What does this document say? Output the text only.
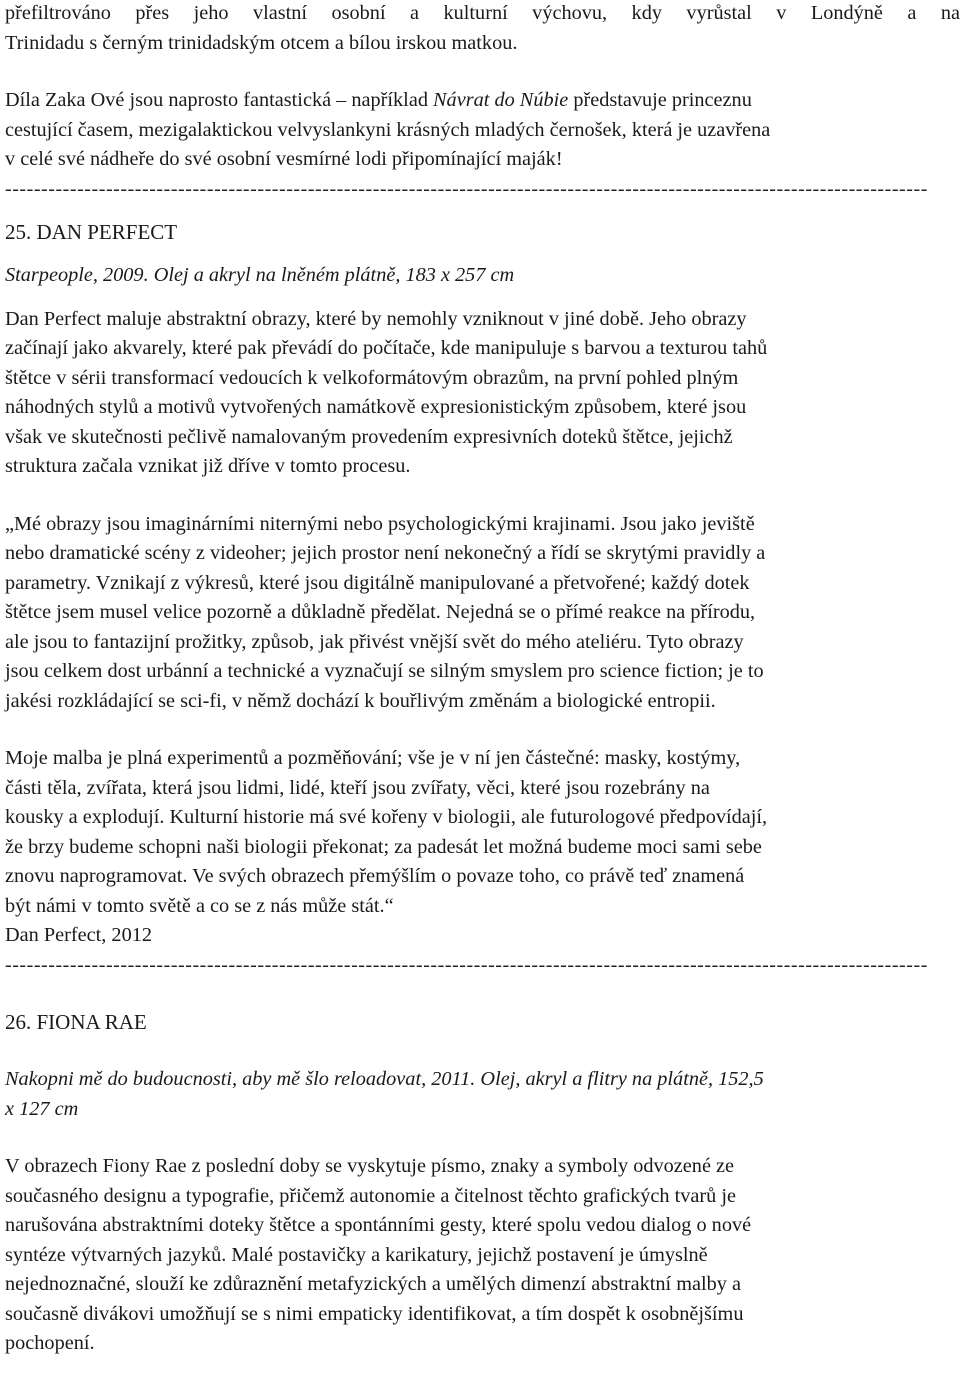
přefiltrováno přes jeho vlastní osobní a kulturní výchovu, kdy vyrůstal v Londýně a na
Trinidadu s černým trinidadským otcem a bílou irskou matkou.
Díla Zaka Ové jsou naprosto fantastická – například Návrat do Núbie představuje princeznu
cestující časem, mezigalaktickou velvyslankyni krásných mladých černošek, která je uzavřena
v celé své nádheře do své osobní vesmírné lodi připomínající maják!
--------------------------------------------------------------------------------------------------------------------------------
25. DAN PERFECT
Starpeople, 2009. Olej a akryl na lněném plátně, 183 x 257 cm
Dan Perfect maluje abstraktní obrazy, které by nemohly vzniknout v jiné době. Jeho obrazy
začínají jako akvarely, které pak převádí do počítače, kde manipuluje s barvou a texturou tahů
štětce v sérii transformací vedoucích k velkoformátovým obrazům, na první pohled plným
náhodných stylů a motivů vytvořených namátkově expresionistickým způsobem, které jsou
však ve skutečnosti pečlivě namalovaným provedením expresivních doteků štětce, jejichž
struktura začala vznikat již dříve v tomto procesu.
„Mé obrazy jsou imaginárními niternými nebo psychologickými krajinami. Jsou jako jeviště
nebo dramatické scény z videoher; jejich prostor není nekonečný a řídí se skrytými pravidly a
parametry. Vznikají z výkresů, které jsou digitálně manipulované a přetvořené; každý dotek
štětce jsem musel velice pozorně a důkladně předělat. Nejedná se o přímé reakce na přírodu,
ale jsou to fantazijní prožitky, způsob, jak přivést vnější svět do mého ateliéru. Tyto obrazy
jsou celkem dost urbánní a technické a vyznačují se silným smyslem pro science fiction; je to
jakési rozkládající se sci-fi, v němž dochází k bouřlivým změnám a biologické entropii.
Moje malba je plná experimentů a pozměňování; vše je v ní jen částečné: masky, kostýmy,
části těla, zvířata, která jsou lidmi, lidé, kteří jsou zvířaty, věci, které jsou rozebrány na
kousky a explodují. Kulturní historie má své kořeny v biologii, ale futurologové předpovídají,
že brzy budeme schopni naši biologii překonat; za padesát let možná budeme moci sami sebe
znovu naprogramovat. Ve svých obrazech přemýšlím o povaze toho, co právě teď znamená
být námi v tomto světě a co se z nás může stát.“
Dan Perfect, 2012
--------------------------------------------------------------------------------------------------------------------------------
26. FIONA RAE
Nakopni mě do budoucnosti, aby mě šlo reloadovat, 2011. Olej, akryl a flitry na plátně, 152,5
x 127 cm
V obrazech Fiony Rae z poslední doby se vyskytuje písmo, znaky a symboly odvozené ze
současného designu a typografie, přičemž autonomie a čitelnost těchto grafických tvarů je
narušována abstraktními doteky štětce a spontánními gesty, které spolu vedou dialog o nové
syntéze výtvarných jazyků. Malé postavičky a karikatury, jejichž postavení je úmyslně
nejednoznačné, slouží ke zdůraznění metafyzických a umělých dimenzí abstraktní malby a
současně divákovi umožňují se s nimi empaticky identifikovat, a tím dospět k osobnějšímu
pochopení.
